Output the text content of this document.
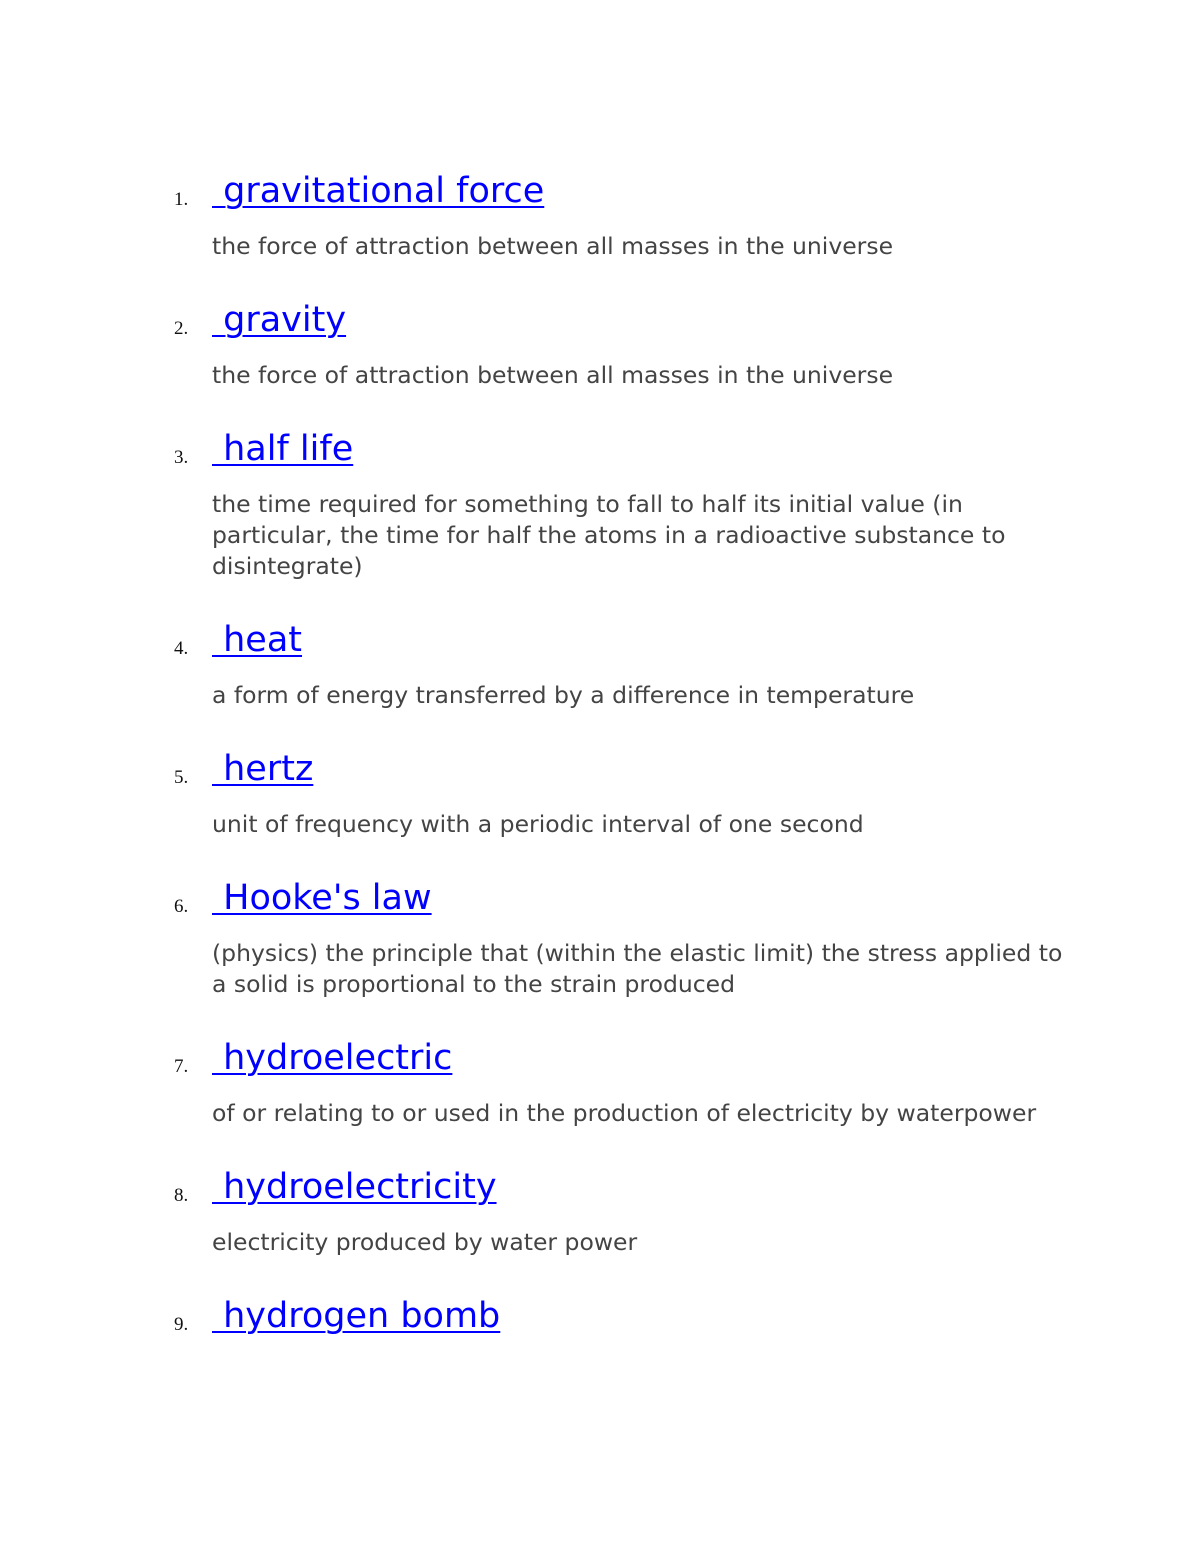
1. gravitational force

the force of attraction between all masses in the universe

2. gravity

the force of attraction between all masses in the universe

3. half life

the time required for something to fall to half its initial value (in particular, the time for half the atoms in a radioactive substance to disintegrate)

4. heat

a form of energy transferred by a difference in temperature

5. hertz

unit of frequency with a periodic interval of one second

6. Hooke's law

(physics) the principle that (within the elastic limit) the stress applied to a solid is proportional to the strain produced

7. hydroelectric

of or relating to or used in the production of electricity by waterpower

8. hydroelectricity

electricity produced by water power

9. hydrogen bomb
